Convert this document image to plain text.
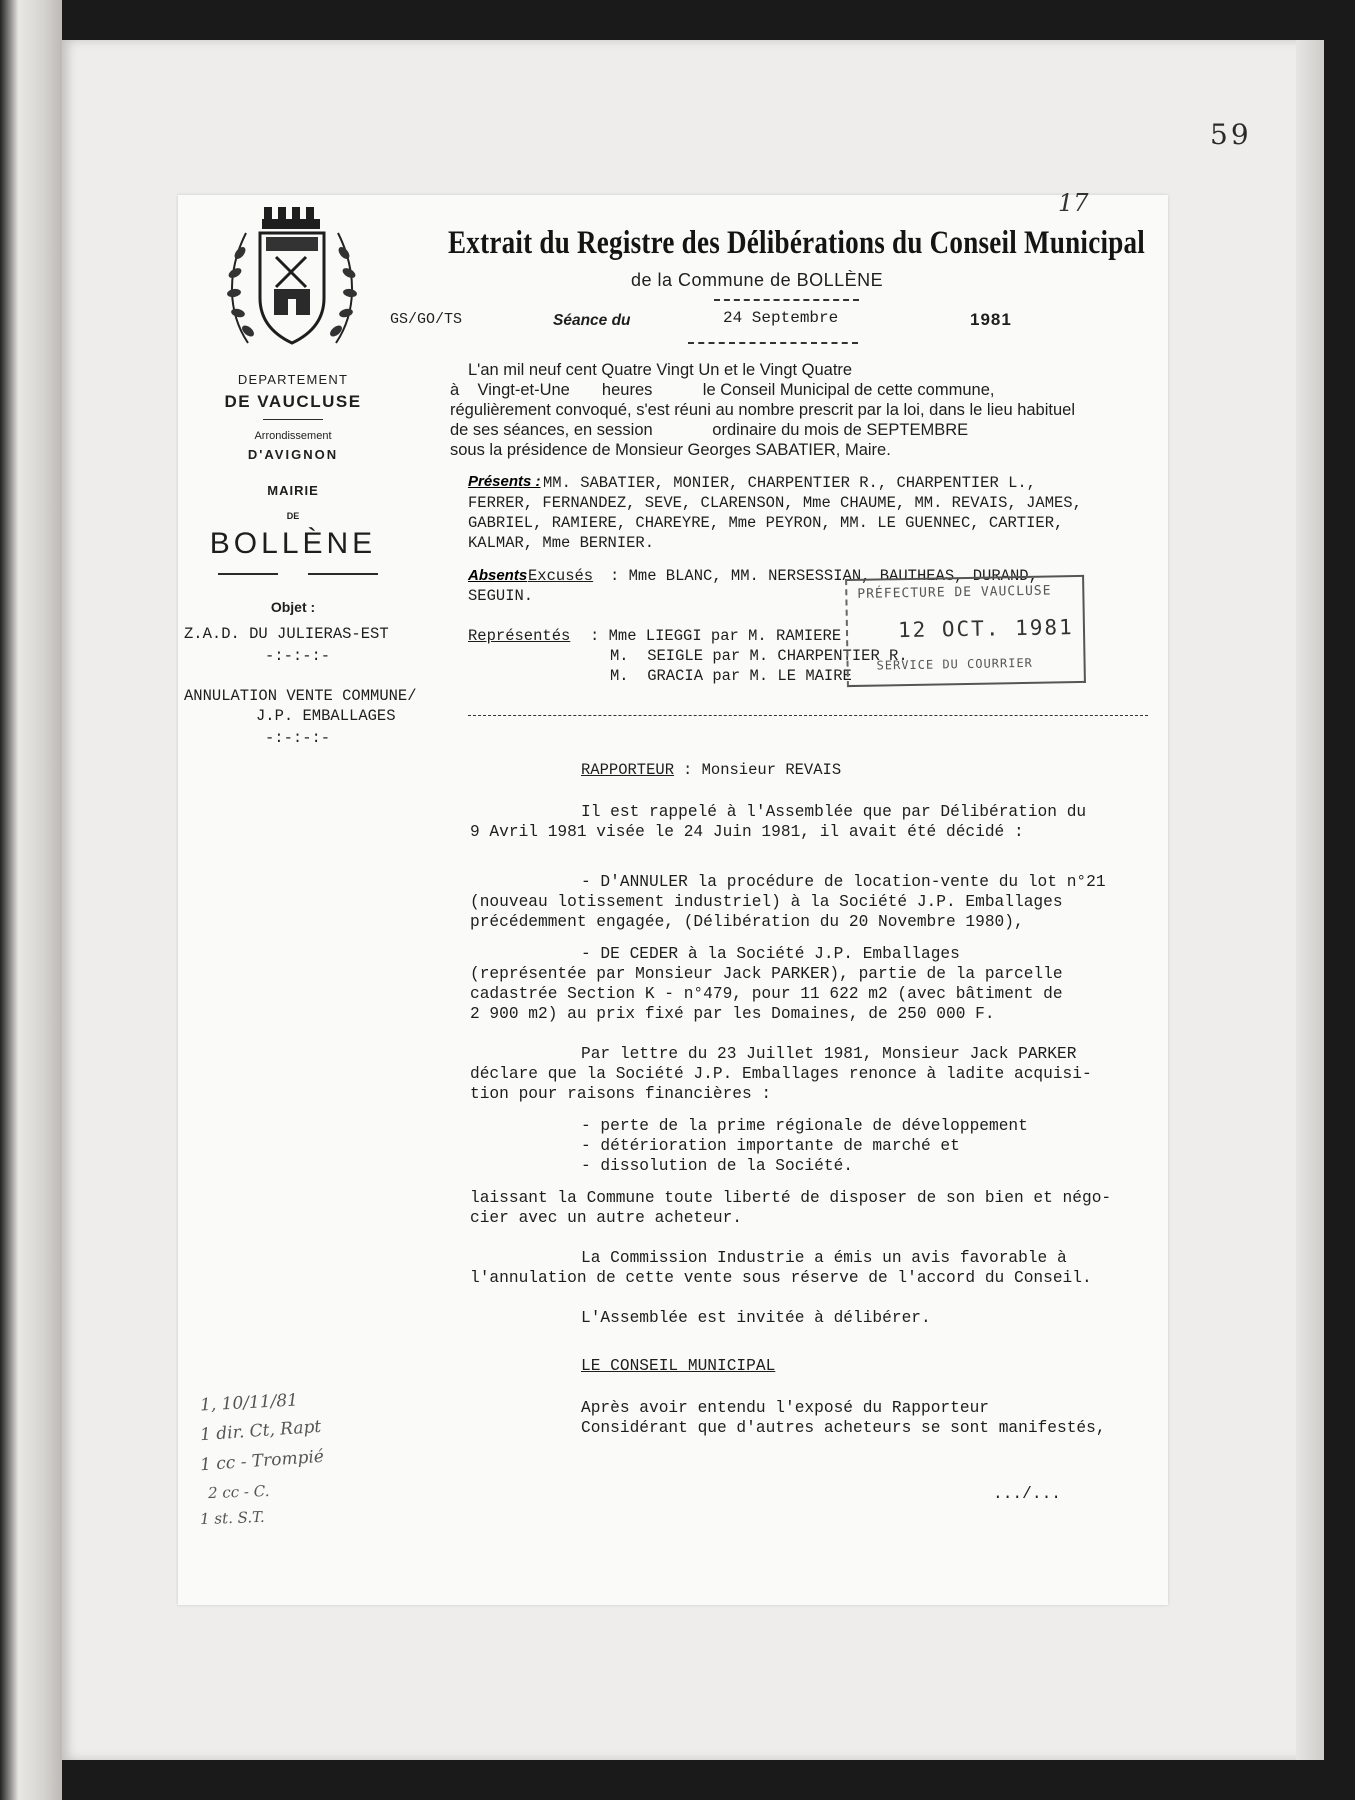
59
DEPARTEMENT
DE VAUCLUSE
Arrondissement
D'AVIGNON
MAIRIE
DE
BOLLÈNE
Objet :
Z.A.D. DU JULIERAS-EST
-:-:-:-
ANNULATION VENTE COMMUNE/
J.P. EMBALLAGES
-:-:-:-
Extrait du Registre des Délibérations du Conseil Municipal
17
de la Commune de BOLLÈNE
GS/GO/TS	Séance du	24 Septembre	1981
L'an mil neuf cent Quatre Vingt Un et le Vingt Quatre
à    Vingt-et-Une       heures           le Conseil Municipal de cette commune,
régulièrement convoqué, s'est réuni au nombre prescrit par la loi, dans le lieu habituel
de ses séances, en session             ordinaire du mois de SEPTEMBRE
sous la présidence de Monsieur Georges SABATIER, Maire.
Présents : MM. SABATIER, MONIER, CHARPENTIER R., CHARPENTIER L.,
FERRER, FERNANDEZ, SEVE, CLARENSON, Mme CHAUME, MM. REVAIS, JAMES,
GABRIEL, RAMIERE, CHAREYRE, Mme PEYRON, MM. LE GUENNEC, CARTIER,
KALMAR, Mme BERNIER.
Absents Excusés : Mme BLANC, MM. NERSESSIAN, BAUTHEAS, DURAND,
SEGUIN.
Représentés : Mme LIEGGI par M. RAMIERE
M.  SEIGLE par M. CHARPENTIER R.
M.  GRACIA par M. LE MAIRE
PRÉFECTURE DE VAUCLUSE
12 OCT. 1981
SERVICE DU COURRIER
RAPPORTEUR : Monsieur REVAIS
Il est rappelé à l'Assemblée que par Délibération du
9 Avril 1981 visée le 24 Juin 1981, il avait été décidé :
- D'ANNULER la procédure de location-vente du lot n°21
(nouveau lotissement industriel) à la Société J.P. Emballages
précédemment engagée, (Délibération du 20 Novembre 1980),
- DE CEDER à la Société J.P. Emballages
(représentée par Monsieur Jack PARKER), partie de la parcelle
cadastrée Section K - n°479, pour 11 622 m2 (avec bâtiment de
2 900 m2) au prix fixé par les Domaines, de 250 000 F.
Par lettre du 23 Juillet 1981, Monsieur Jack PARKER
déclare que la Société J.P. Emballages renonce à ladite acquisi-
tion pour raisons financières :
- perte de la prime régionale de développement
- détérioration importante de marché et
- dissolution de la Société.
laissant la Commune toute liberté de disposer de son bien et négo-
cier avec un autre acheteur.
La Commission Industrie a émis un avis favorable à
l'annulation de cette vente sous réserve de l'accord du Conseil.
L'Assemblée est invitée à délibérer.
LE CONSEIL MUNICIPAL
Après avoir entendu l'exposé du Rapporteur
Considérant que d'autres acheteurs se sont manifestés,
.../...
1, 10/11/81
1 dir. Ct, Rapt
1 cc - Trompié
2 cc - C.
1 st. S.T.
